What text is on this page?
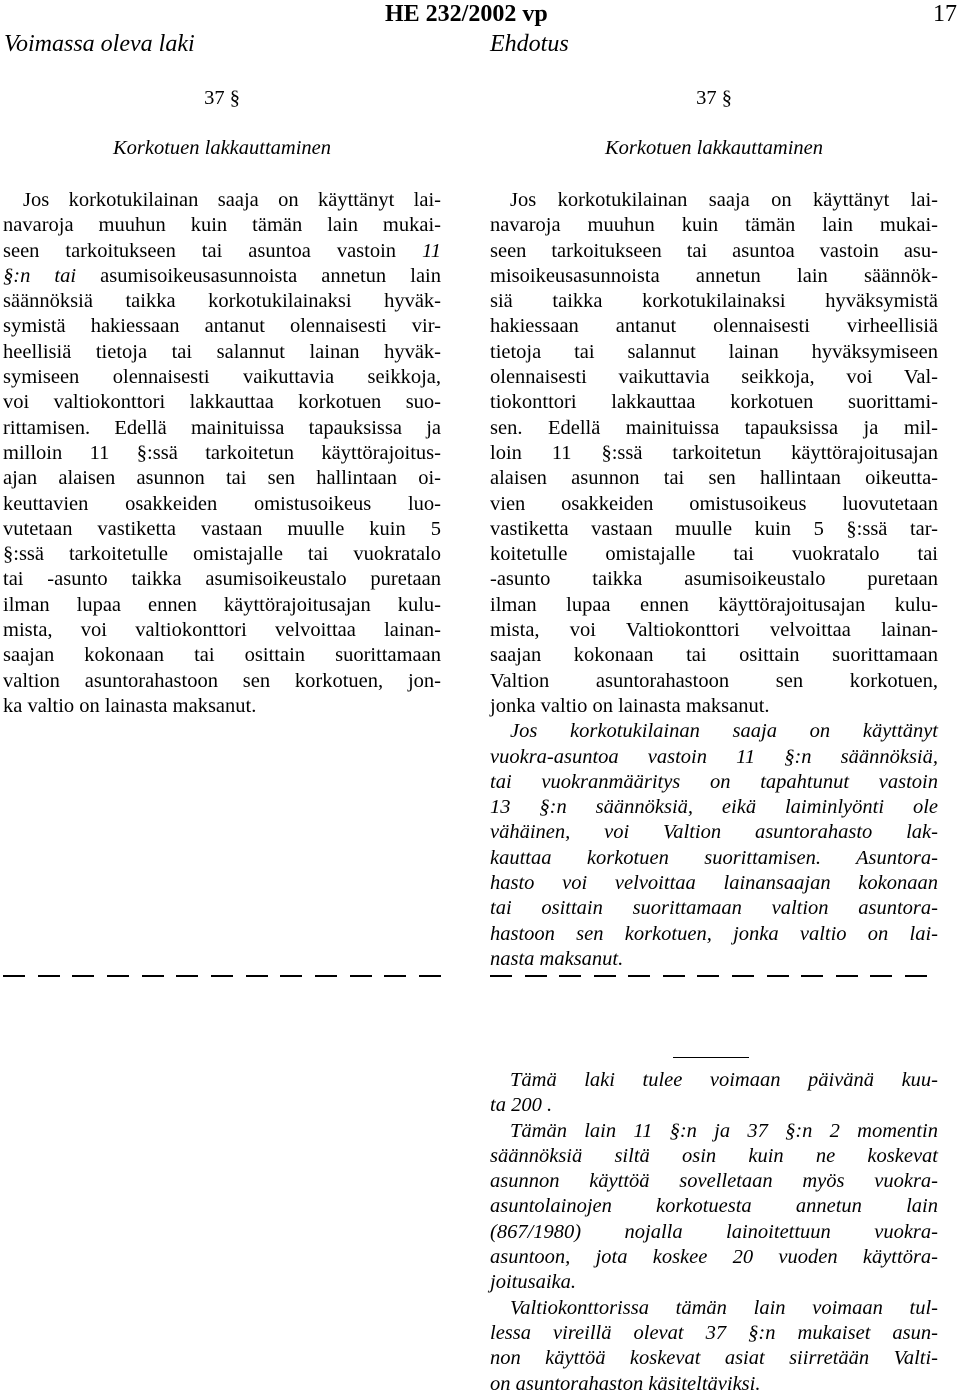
HE 232/2002 vp	17
Voimassa oleva laki	Ehdotus

37 §

Korkotuen lakkauttaminen

Jos korkotukilainan saaja on käyttänyt lai-

navaroja muuhun kuin tämän lain mukai-

seen tarkoitukseen tai asuntoa vastoin 11

§:n tai asumisoikeusasunnoista annetun lain

säännöksiä taikka korkotukilainaksi hyväk-

symistä hakiessaan antanut olennaisesti vir-

heellisiä tietoja tai salannut lainan hyväk-

symiseen olennaisesti vaikuttavia seikkoja,

voi valtiokonttori lakkauttaa korkotuen suo-

rittamisen. Edellä mainituissa tapauksissa ja

milloin 11 §:ssä tarkoitetun käyttörajoitus-

ajan alaisen asunnon tai sen hallintaan oi-

keuttavien osakkeiden omistusoikeus luo-

vutetaan vastiketta vastaan muulle kuin 5

§:ssä tarkoitetulle omistajalle tai vuokratalo

tai -asunto taikka asumisoikeustalo puretaan

ilman lupaa ennen käyttörajoitusajan kulu-

mista, voi valtiokonttori velvoittaa lainan-

saajan kokonaan tai osittain suorittamaan

valtion asuntorahastoon sen korkotuen, jon-

ka valtio on lainasta maksanut.

37 §

Korkotuen lakkauttaminen

Jos korkotukilainan saaja on käyttänyt lai-

navaroja muuhun kuin tämän lain mukai-

seen tarkoitukseen tai asuntoa vastoin asu-

misoikeusasunnoista annetun lain säännök-

siä taikka korkotukilainaksi hyväksymistä

hakiessaan antanut olennaisesti virheellisiä

tietoja tai salannut lainan hyväksymiseen

olennaisesti vaikuttavia seikkoja, voi Val-

tiokonttori lakkauttaa korkotuen suorittami-

sen. Edellä mainituissa tapauksissa ja mil-

loin 11 §:ssä tarkoitetun käyttörajoitusajan

alaisen asunnon tai sen hallintaan oikeutta-

vien osakkeiden omistusoikeus luovutetaan

vastiketta vastaan muulle kuin 5 §:ssä tar-

koitetulle omistajalle tai vuokratalo tai

-asunto taikka asumisoikeustalo puretaan

ilman lupaa ennen käyttörajoitusajan kulu-

mista, voi Valtiokonttori velvoittaa lainan-

saajan kokonaan tai osittain suorittamaan

Valtion asuntorahastoon sen korkotuen,

jonka valtio on lainasta maksanut.

Jos korkotukilainan saaja on käyttänyt

vuokra-asuntoa vastoin 11 §:n säännöksiä,

tai vuokranmääritys on tapahtunut vastoin

13 §:n säännöksiä, eikä laiminlyönti ole

vähäinen, voi Valtion asuntorahasto lak-

kauttaa korkotuen suorittamisen. Asuntora-

hasto voi velvoittaa lainansaajan kokonaan

tai osittain suorittamaan valtion asuntora-

hastoon sen korkotuen, jonka valtio on lai-

nasta maksanut.

Tämä laki tulee voimaan päivänä kuu-

ta 200 .

Tämän lain 11 §:n ja 37 §:n 2 momentin

säännöksiä siltä osin kuin ne koskevat

asunnon käyttöä sovelletaan myös vuokra-

asuntolainojen korkotuesta annetun lain

(867/1980) nojalla lainoitettuun vuokra-

asuntoon, jota koskee 20 vuoden käyttöra-

joitusaika.

Valtiokonttorissa tämän lain voimaan tul-

lessa vireillä olevat 37 §:n mukaiset asun-

non käyttöä koskevat asiat siirretään Valti-

on asuntorahaston käsiteltäviksi.
